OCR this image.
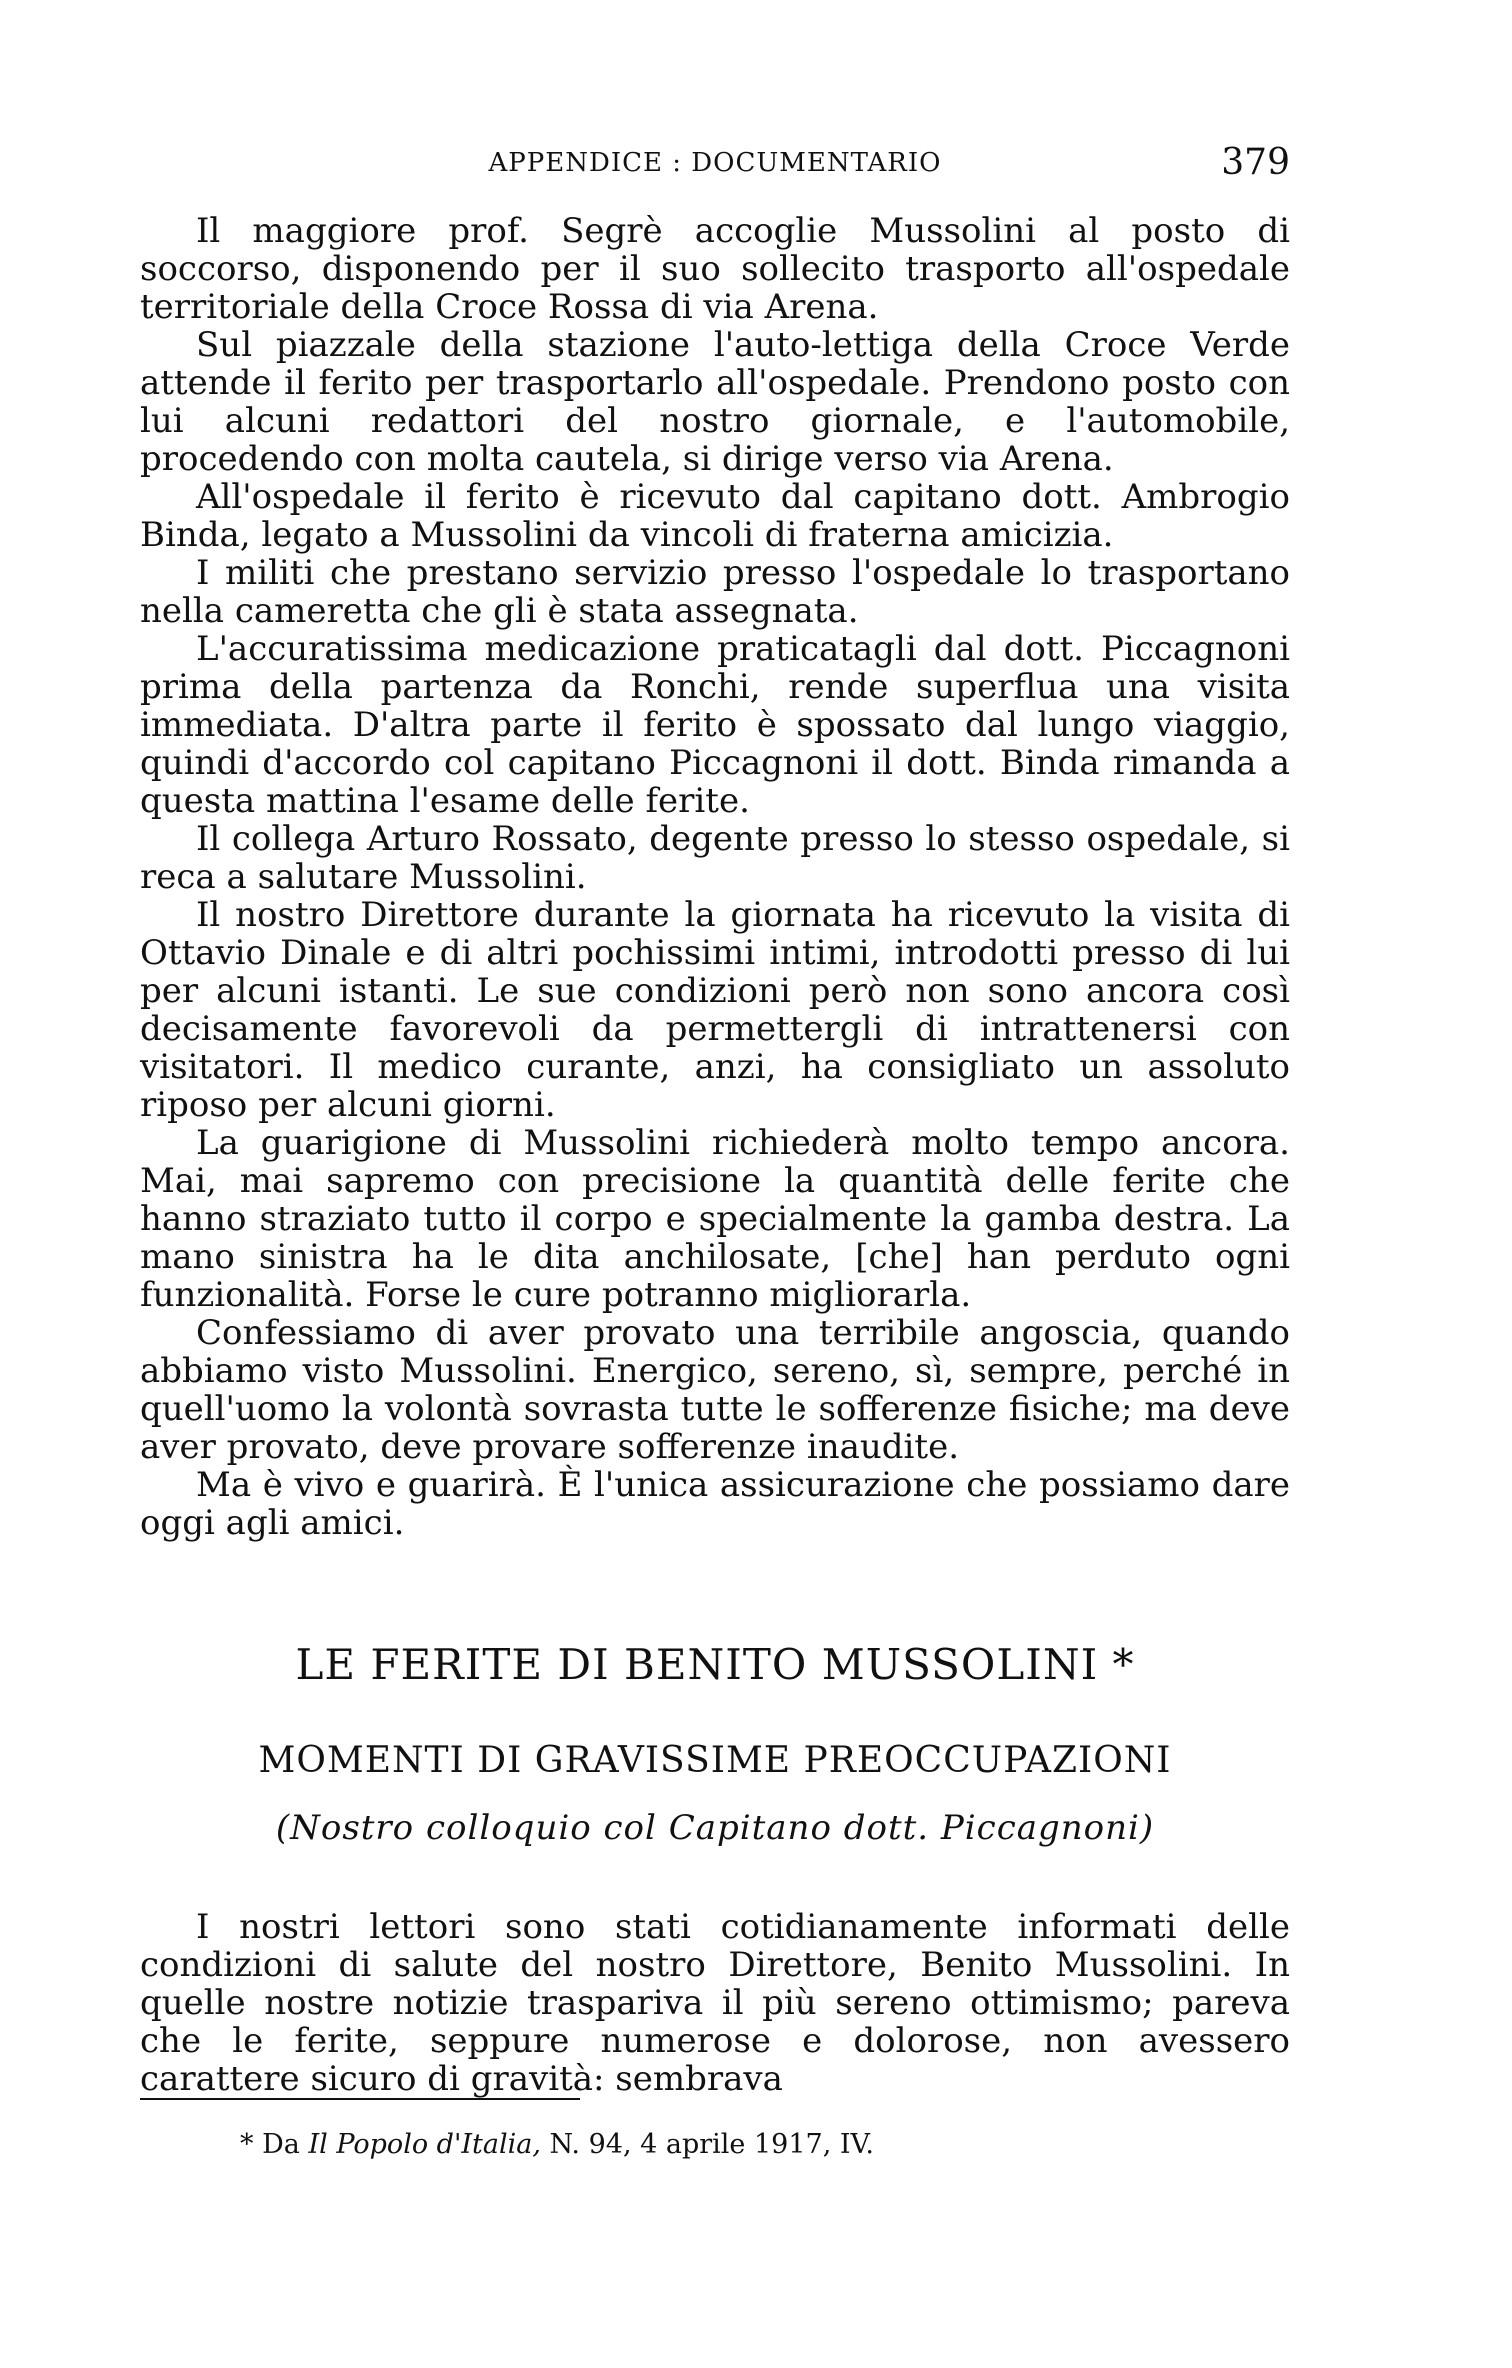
APPENDICE : DOCUMENTARIO	379

Il maggiore prof. Segrè accoglie Mussolini al posto di soccorso, disponendo per il suo sollecito trasporto all'ospedale territoriale della Croce Rossa di via Arena.

Sul piazzale della stazione l'auto-lettiga della Croce Verde attende il ferito per trasportarlo all'ospedale. Prendono posto con lui alcuni redattori del nostro giornale, e l'automobile, procedendo con molta cautela, si dirige verso via Arena.

All'ospedale il ferito è ricevuto dal capitano dott. Ambrogio Binda, legato a Mussolini da vincoli di fraterna amicizia.

I militi che prestano servizio presso l'ospedale lo trasportano nella cameretta che gli è stata assegnata.

L'accuratissima medicazione praticatagli dal dott. Piccagnoni prima della partenza da Ronchi, rende superflua una visita immediata. D'altra parte il ferito è spossato dal lungo viaggio, quindi d'accordo col capitano Piccagnoni il dott. Binda rimanda a questa mattina l'esame delle ferite.

Il collega Arturo Rossato, degente presso lo stesso ospedale, si reca a salutare Mussolini.

Il nostro Direttore durante la giornata ha ricevuto la visita di Ottavio Dinale e di altri pochissimi intimi, introdotti presso di lui per alcuni istanti. Le sue condizioni però non sono ancora così decisamente favorevoli da permettergli di intrattenersi con visitatori. Il medico curante, anzi, ha consigliato un assoluto riposo per alcuni giorni.

La guarigione di Mussolini richiederà molto tempo ancora. Mai, mai sapremo con precisione la quantità delle ferite che hanno straziato tutto il corpo e specialmente la gamba destra. La mano sinistra ha le dita anchilosate, [che] han perduto ogni funzionalità. Forse le cure potranno migliorarla.

Confessiamo di aver provato una terribile angoscia, quando abbiamo visto Mussolini. Energico, sereno, sì, sempre, perché in quell'uomo la volontà sovrasta tutte le sofferenze fisiche; ma deve aver provato, deve provare sofferenze inaudite.

Ma è vivo e guarirà. È l'unica assicurazione che possiamo dare oggi agli amici.

LE FERITE DI BENITO MUSSOLINI *
MOMENTI DI GRAVISSIME PREOCCUPAZIONI
(Nostro colloquio col Capitano dott. Piccagnoni)

I nostri lettori sono stati cotidianamente informati delle condizioni di salute del nostro Direttore, Benito Mussolini. In quelle nostre notizie traspariva il più sereno ottimismo; pareva che le ferite, seppure numerose e dolorose, non avessero carattere sicuro di gravità: sembrava

* Da Il Popolo d'Italia, N. 94, 4 aprile 1917, IV.
